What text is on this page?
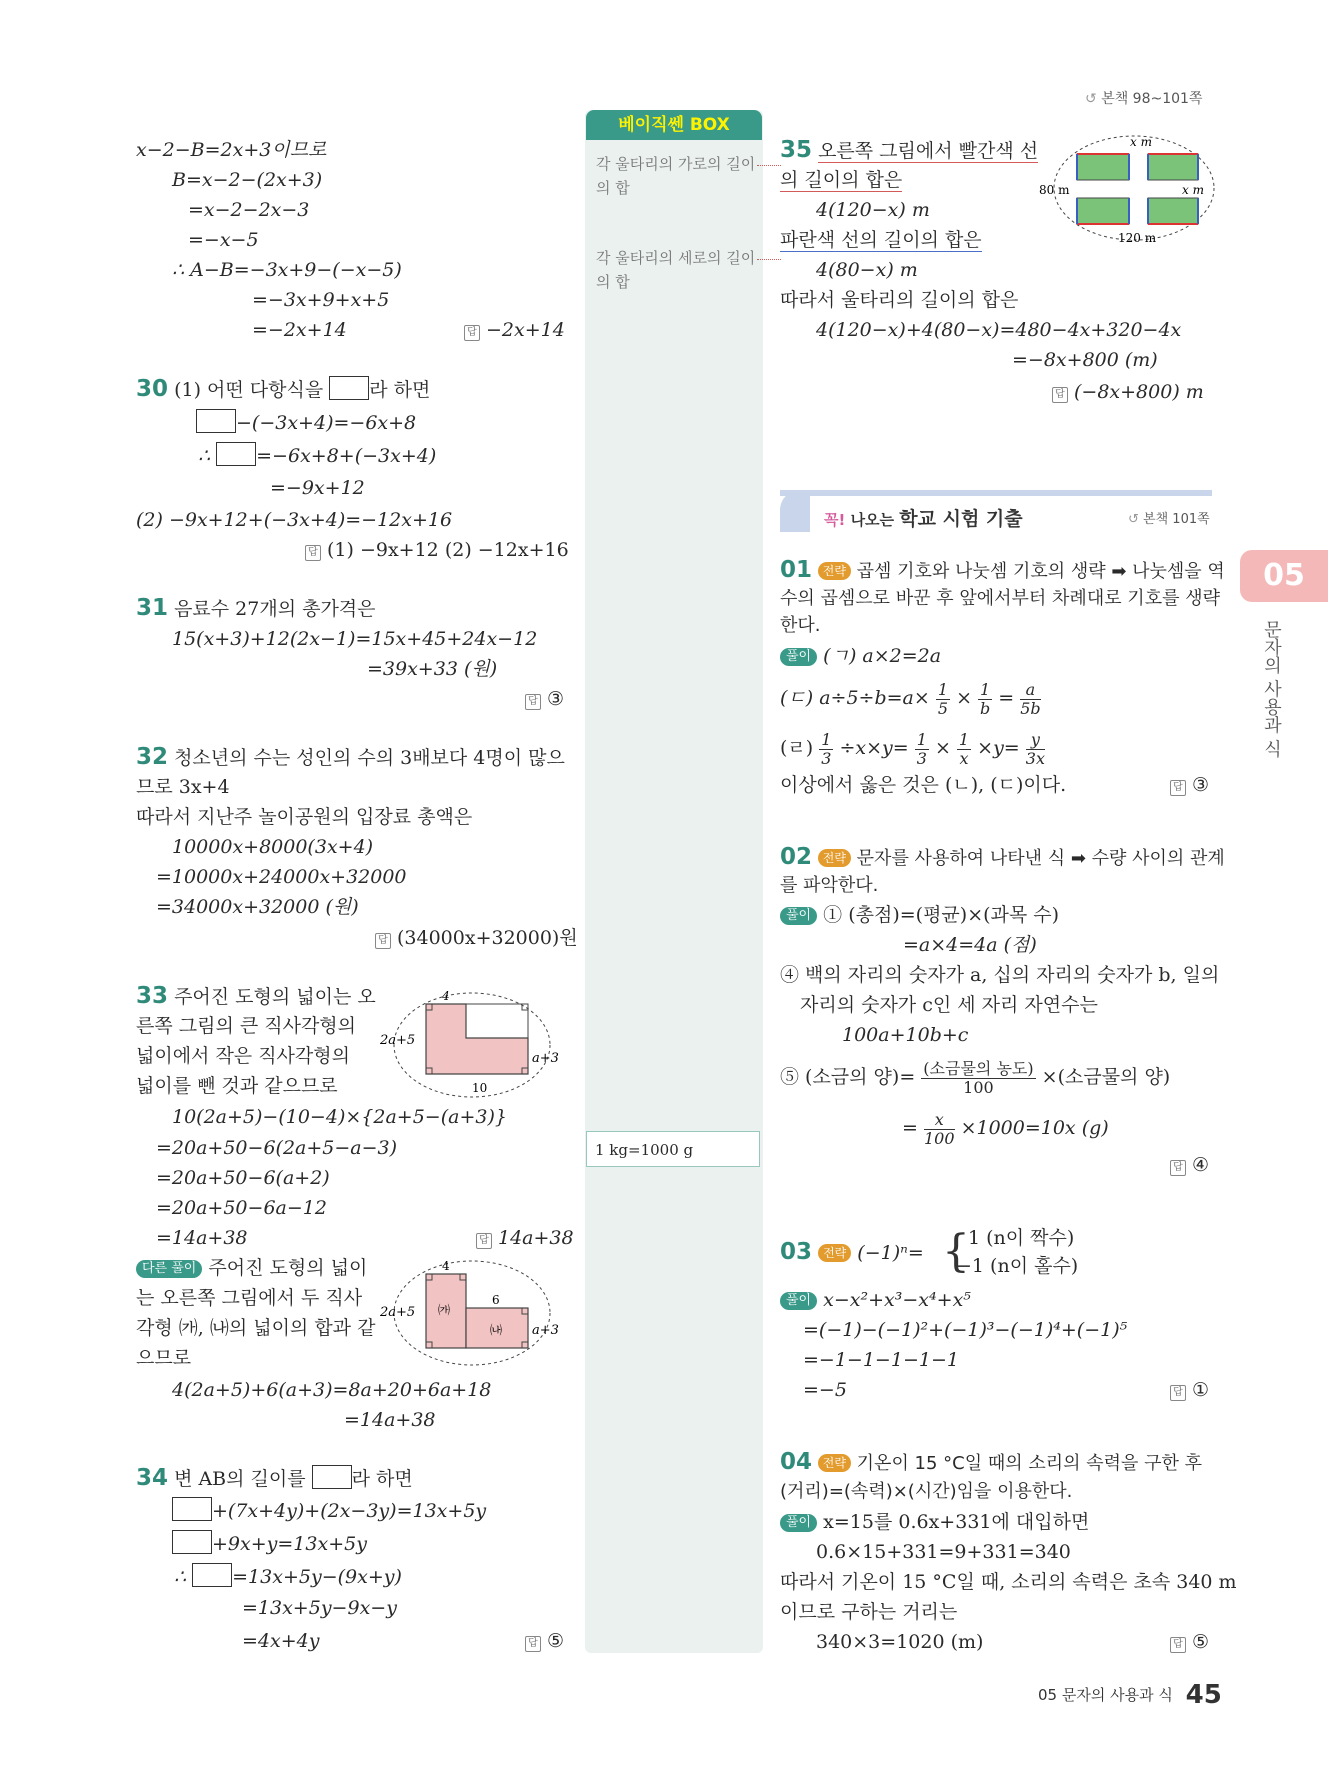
↺ 본책 98~101쪽
베이직쎈 BOX
각 울타리의 가로의 길이의 합
각 울타리의 세로의 길이의 합
1 kg=1000 g
x−2−B=2x+3이므로
B=x−2−(2x+3)
=x−2−2x−3
=−x−5
∴ A−B=−3x+9−(−x−5)
=−3x+9+x+5
=−2x+14	답 −2x+14
30 (1) 어떤 다항식을 라 하면
−(−3x+4)=−6x+8
∴ =−6x+8+(−3x+4)
=−9x+12
(2) −9x+12+(−3x+4)=−12x+16
답 (1) −9x+12 (2) −12x+16
31 음료수 27개의 총가격은
15(x+3)+12(2x−1)=15x+45+24x−12
=39x+33 (원)
답 ③
32 청소년의 수는 성인의 수의 3배보다 4명이 많으
므로 3x+4
따라서 지난주 놀이공원의 입장료 총액은
10000x+8000(3x+4)
=10000x+24000x+32000
=34000x+32000 (원)
답 (34000x+32000)원
33 주어진 도형의 넓이는 오
른쪽 그림의 큰 직사각형의
넓이에서 작은 직사각형의
넓이를 뺀 것과 같으므로
4
2a+5
a+3
10
10(2a+5)−(10−4)×{2a+5−(a+3)}
=20a+50−6(2a+5−a−3)
=20a+50−6(a+2)
=20a+50−6a−12
=14a+38	답 14a+38
다른 풀이 주어진 도형의 넓이
는 오른쪽 그림에서 두 직사
각형 ㈎, ㈏의 넓이의 합과 같
으므로
4
6
2a+5
a+3
㈎
㈏
4(2a+5)+6(a+3)=8a+20+6a+18
=14a+38
34 변 AB의 길이를 라 하면
+(7x+4y)+(2x−3y)=13x+5y
+9x+y=13x+5y
∴ =13x+5y−(9x+y)
=13x+5y−9x−y
=4x+4y	답 ⑤
35 오른쪽 그림에서 빨간색 선
의 길이의 합은
4(120−x) m
파란색 선의 길이의 합은
4(80−x) m
따라서 울타리의 길이의 합은
4(120−x)+4(80−x)=480−4x+320−4x
=−8x+800 (m)
답 (−8x+800) m
x m
80 m	x m
120 m
꼭! 나오는 학교 시험 기출	↺ 본책 101쪽
01 전략 곱셈 기호와 나눗셈 기호의 생략 ➡ 나눗셈을 역
수의 곱셈으로 바꾼 후 앞에서부터 차례대로 기호를 생략
한다.
풀이 (ㄱ) a×2=2a
(ㄷ) $a\div 5\div b=a\times \frac{1}{5} \times \frac{1}{b} = \frac{a}{5b}$
(ㄹ) $\frac{1}{3} \div x\times y= \frac{1}{3} \times \frac{1}{x} \times y= \frac{y}{3x}$
이상에서 옳은 것은 (ㄴ), (ㄷ)이다.	답 ③
02 전략 문자를 사용하여 나타낸 식 ➡ 수량 사이의 관계
를 파악한다.
풀이 ① (총점)=(평균)×(과목 수)
=a×4=4a (점)
④ 백의 자리의 숫자가 a, 십의 자리의 숫자가 b, 일의
자리의 숫자가 c인 세 자리 자연수는
100a+10b+c
⑤ (소금의 양)= $\frac{\text{(소금물의 농도)}}{100}$ ×(소금물의 양)
= $\frac{x}{100} \times 1000=10x$ (g)
답 ④
03 전략 (−1)ⁿ= {
1 (n이 짝수)
−1 (n이 홀수)
풀이 x−x²+x³−x⁴+x⁵
=(−1)−(−1)²+(−1)³−(−1)⁴+(−1)⁵
=−1−1−1−1−1
=−5	답 ①
04 전략 기온이 15 °C일 때의 소리의 속력을 구한 후
(거리)=(속력)×(시간)임을 이용한다.
풀이 x=15를 0.6x+331에 대입하면
0.6×15+331=9+331=340
따라서 기온이 15 °C일 때, 소리의 속력은 초속 340 m
이므로 구하는 거리는
340×3=1020 (m)	답 ⑤
05
문자의 사용과 식
05 문자의 사용과 식 45
